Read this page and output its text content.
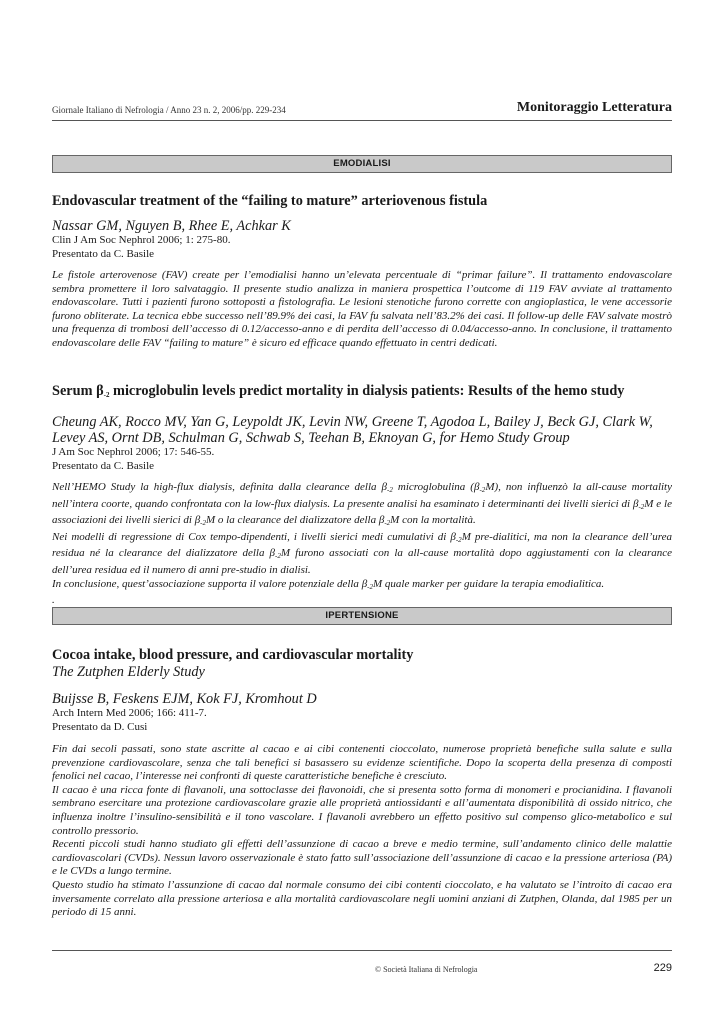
Giornale Italiano di Nefrologia / Anno 23 n. 2, 2006/pp. 229-234	Monitoraggio Letteratura
EMODIALISI
Endovascular treatment of the “failing to mature” arteriovenous fistula

Nassar GM, Nguyen B, Rhee E, Achkar K

Clin J Am Soc Nephrol 2006; 1: 275-80.

Presentato da C. Basile

Le fistole arterovenose (FAV) create per l’emodialisi hanno un’elevata percentuale di “primar failure”. Il trattamento endovascolare sembra promettere il loro salvataggio. Il presente studio analizza in maniera prospettica l’outcome di 119 FAV avviate al trattamento endovascolare. Tutti i pazienti furono sottoposti a fistolografia. Le lesioni stenotiche furono corrette con angioplastica, le vene accessorie furono obliterate. La tecnica ebbe successo nell’89.9% dei casi, la FAV fu salvata nell’83.2% dei casi. Il follow-up delle FAV salvate mostrò una frequenza di trombosi dell’accesso di 0.12/accesso-anno e di perdita dell’accesso di 0.04/accesso-anno. In conclusione, il trattamento endovascolare delle FAV “failing to mature” è sicuro ed efficace quando effettuato in centri dedicati.

Serum $\beta_{-2}$ microglobulin levels predict mortality in dialysis patients: Results of the hemo study

Cheung AK, Rocco MV, Yan G, Leypoldt JK, Levin NW, Greene T, Agodoa L, Bailey J, Beck GJ, Clark W, Levey AS, Ornt DB, Schulman G, Schwab S, Teehan B, Eknoyan G, for Hemo Study Group

J Am Soc Nephrol 2006; 17: 546-55.

Presentato da C. Basile

Nell’HEMO Study la high-flux dialysis, definita dalla clearance della $\beta_{-2}$ microglobulina $(\beta_{-2}M)$, non influenzò la all-cause mortality nell’intera coorte, quando confrontata con la low-flux dialysis. La presente analisi ha esaminato i determinanti dei livelli sierici di $\beta_{-2}M$ e le associazioni dei livelli sierici di $\beta_{-2}M$ o la clearance del dializzatore della $\beta_{-2}M$ con la mortalità.

Nei modelli di regressione di Cox tempo-dipendenti, i livelli sierici medi cumulativi di $\beta_{-2}M$ pre-dialitici, ma non la clearance dell’urea residua né la clearance del dializzatore della $\beta_{-2}M$ furono associati con la all-cause mortalità dopo aggiustamenti con la clearance dell’urea residua ed il numero di anni pre-studio in dialisi.

In conclusione, quest’associazione supporta il valore potenziale della $\beta_{-2}M$ quale marker per guidare la terapia emodialitica.

.

IPERTENSIONE
Cocoa intake, blood pressure, and cardiovascular mortality

The Zutphen Elderly Study

Buijsse B, Feskens EJM, Kok FJ, Kromhout D

Arch Intern Med 2006; 166: 411-7.

Presentato da D. Cusi

Fin dai secoli passati, sono state ascritte al cacao e ai cibi contenenti cioccolato, numerose proprietà benefiche sulla salute e sulla prevenzione cardiovascolare, senza che tali benefici si basassero su evidenze scientifiche. Dopo la scoperta della presenza di composti fenolici nel cacao, l’interesse nei confronti di queste caratteristiche benefiche è cresciuto.

Il cacao è una ricca fonte di flavanoli, una sottoclasse dei flavonoidi, che si presenta sotto forma di monomeri e procianidina. I flavanoli sembrano esercitare una protezione cardiovascolare grazie alle proprietà antiossidanti e all’aumentata disponibilità di ossido nitrico, che influenza inoltre l’insulino-sensibilità e il tono vascolare. I flavanoli avrebbero un effetto positivo sul compenso glico-metabolico e sul controllo pressorio.

Recenti piccoli studi hanno studiato gli effetti dell’assunzione di cacao a breve e medio termine, sull’andamento clinico delle malattie cardiovascolari (CVDs). Nessun lavoro osservazionale è stato fatto sull’associazione dell’assunzione di cacao e la pressione arteriosa (PA) e le CVDs a lungo termine.

Questo studio ha stimato l’assunzione di cacao dal normale consumo dei cibi contenti cioccolato, e ha valutato se l’introito di cacao era inversamente correlato alla pressione arteriosa e alla mortalità cardiovascolare negli uomini anziani di Zutphen, Olanda, dal 1985 per un periodo di 15 anni.

© Società Italiana di Nefrologia	229
